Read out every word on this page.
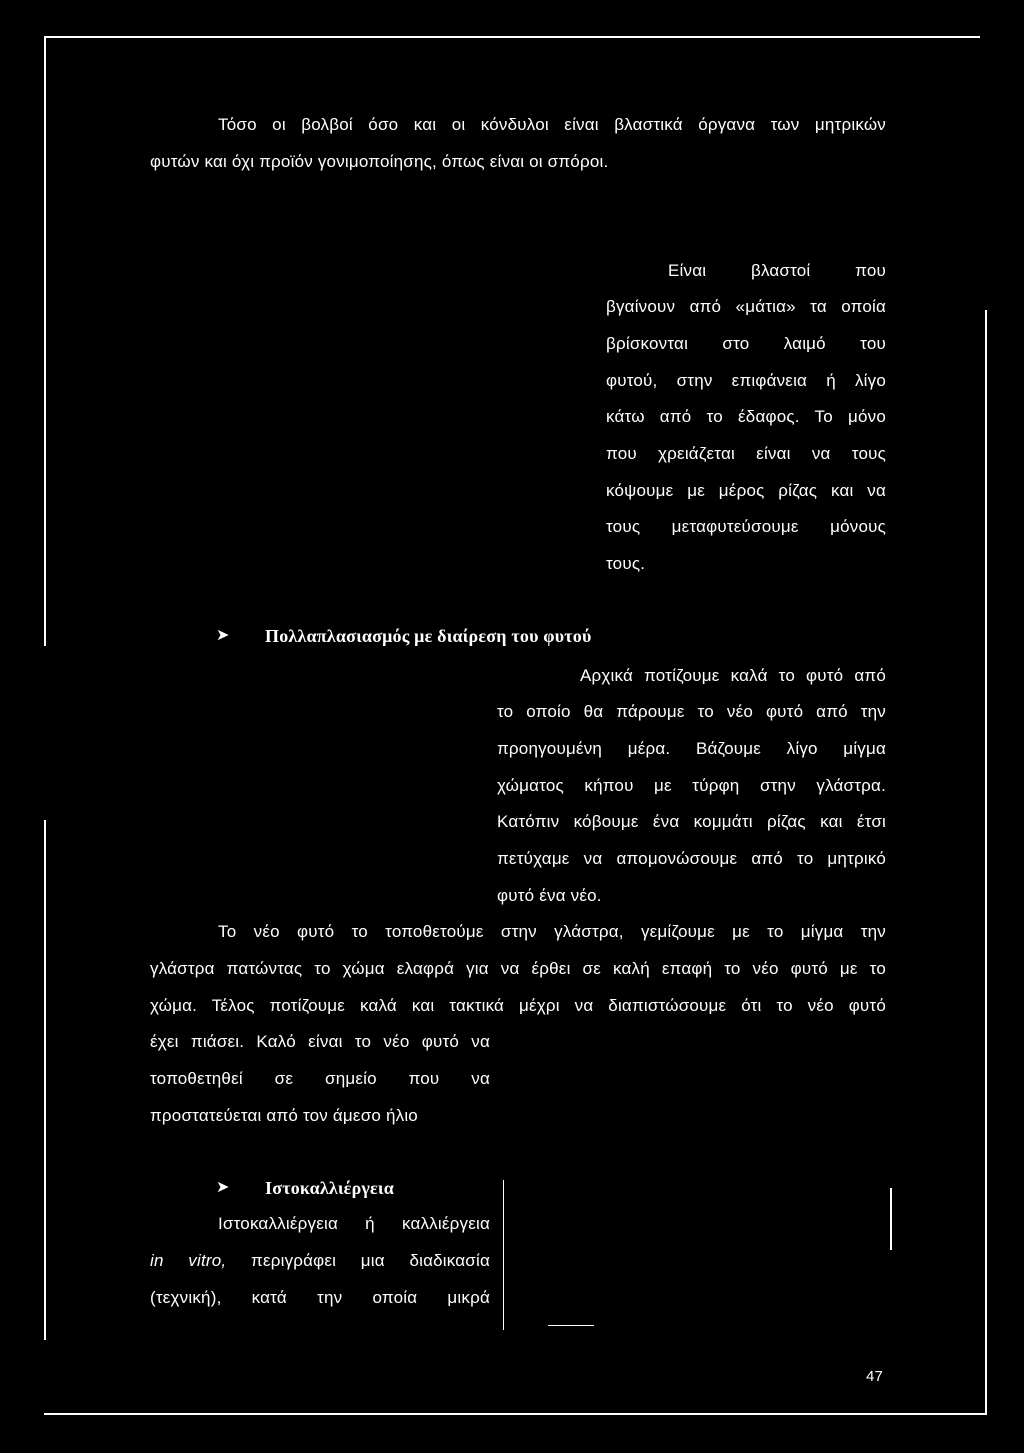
Τόσο οι βολβοί όσο και οι κόνδυλοι είναι βλαστικά όργανα των μητρικών
φυτών και όχι προϊόν γονιμοποίησης, όπως είναι οι σπόροι.
Είναι βλαστοί που
βγαίνουν από «μάτια» τα οποία
βρίσκονται στο λαιμό του
φυτού, στην επιφάνεια ή λίγο
κάτω από το έδαφος. Το μόνο
που χρειάζεται είναι να τους
κόψουμε με μέρος ρίζας και να
τους μεταφυτεύσουμε μόνους
τους.
➤ Πολλαπλασιασμός με διαίρεση του φυτού
Αρχικά ποτίζουμε καλά το φυτό από
το οποίο θα πάρουμε το νέο φυτό από την
προηγουμένη μέρα. Βάζουμε λίγο μίγμα
χώματος κήπου με τύρφη στην γλάστρα.
Κατόπιν κόβουμε ένα κομμάτι ρίζας και έτσι
πετύχαμε να απομονώσουμε από το μητρικό
φυτό ένα νέο.
Το νέο φυτό το τοποθετούμε στην γλάστρα, γεμίζουμε με το μίγμα την
γλάστρα πατώντας το χώμα ελαφρά για να έρθει σε καλή επαφή το νέο φυτό με το
χώμα. Τέλος ποτίζουμε καλά και τακτικά μέχρι να διαπιστώσουμε ότι το νέο φυτό
έχει πιάσει. Καλό είναι το νέο φυτό να
τοποθετηθεί σε σημείο που να
προστατεύεται από τον άμεσο ήλιο
➤ Ιστοκαλλιέργεια
Ιστοκαλλιέργεια ή καλλιέργεια
in vitro, περιγράφει μια διαδικασία
(τεχνική), κατά την οποία μικρά
47
